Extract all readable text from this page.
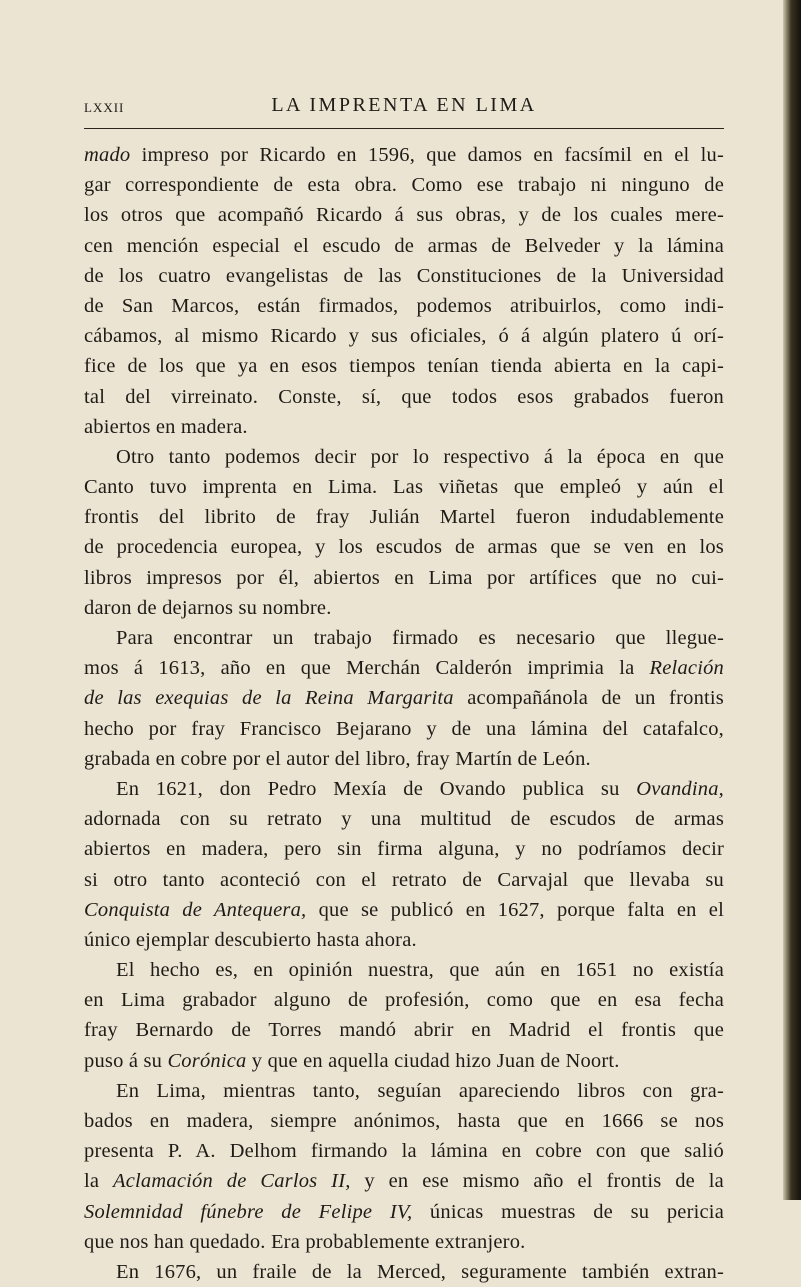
LXXII	LA IMPRENTA EN LIMA
mado impreso por Ricardo en 1596, que damos en facsímil en el lu-
gar correspondiente de esta obra. Como ese trabajo ni ninguno de
los otros que acompañó Ricardo á sus obras, y de los cuales mere-
cen mención especial el escudo de armas de Belveder y la lámina
de los cuatro evangelistas de las Constituciones de la Universidad
de San Marcos, están firmados, podemos atribuirlos, como indi-
cábamos, al mismo Ricardo y sus oficiales, ó á algún platero ú orí-
fice de los que ya en esos tiempos tenían tienda abierta en la capi-
tal del virreinato. Conste, sí, que todos esos grabados fueron
abiertos en madera.
Otro tanto podemos decir por lo respectivo á la época en que
Canto tuvo imprenta en Lima. Las viñetas que empleó y aún el
frontis del librito de fray Julián Martel fueron indudablemente
de procedencia europea, y los escudos de armas que se ven en los
libros impresos por él, abiertos en Lima por artífices que no cui-
daron de dejarnos su nombre.
Para encontrar un trabajo firmado es necesario que llegue-
mos á 1613, año en que Merchán Calderón imprimia la Relación
de las exequias de la Reina Margarita acompañánola de un frontis
hecho por fray Francisco Bejarano y de una lámina del catafalco,
grabada en cobre por el autor del libro, fray Martín de León.
En 1621, don Pedro Mexía de Ovando publica su Ovandina,
adornada con su retrato y una multitud de escudos de armas
abiertos en madera, pero sin firma alguna, y no podríamos decir
si otro tanto aconteció con el retrato de Carvajal que llevaba su
Conquista de Antequera, que se publicó en 1627, porque falta en el
único ejemplar descubierto hasta ahora.
El hecho es, en opinión nuestra, que aún en 1651 no existía
en Lima grabador alguno de profesión, como que en esa fecha
fray Bernardo de Torres mandó abrir en Madrid el frontis que
puso á su Corónica y que en aquella ciudad hizo Juan de Noort.
En Lima, mientras tanto, seguían apareciendo libros con gra-
bados en madera, siempre anónimos, hasta que en 1666 se nos
presenta P. A. Delhom firmando la lámina en cobre con que salió
la Aclamación de Carlos II, y en ese mismo año el frontis de la
Solemnidad fúnebre de Felipe IV, únicas muestras de su pericia
que nos han quedado. Era probablemente extranjero.
En 1676, un fraile de la Merced, seguramente también extran-
